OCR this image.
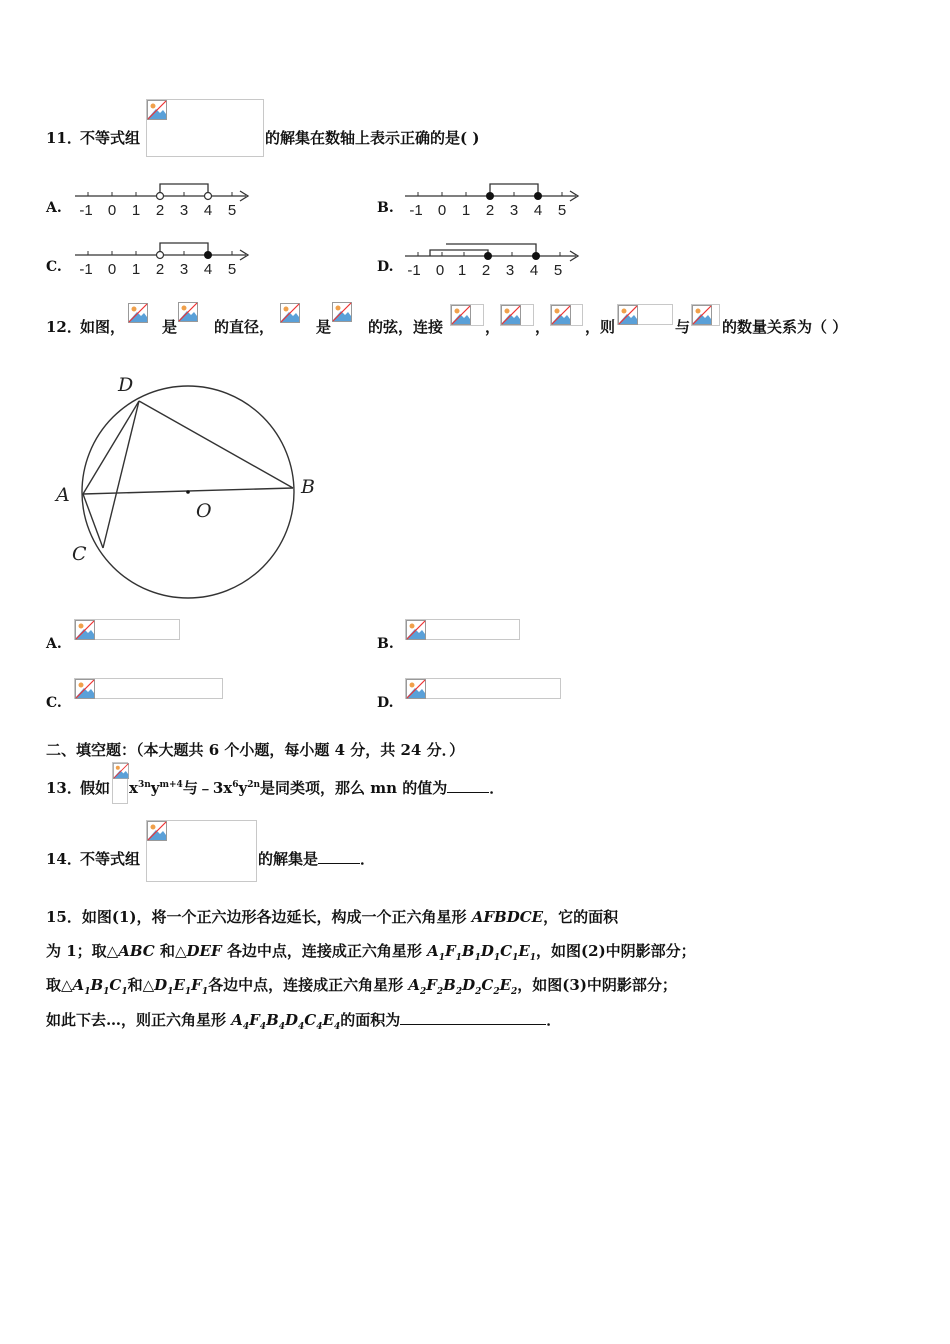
11．
不等式组	的解集在数轴上表示正确的是( )
A. -1 0 1 2 3 4 5	B. -1 0 1 2 3 4 5
C. -1 0 1 2 3 4 5	D. -1 0 1 2 3 4 5
12．
如图， 是 的直径，	是 的弦，连接	， ， ，则	与 的数量关系为（ ）
D
A	B
O
C
A.	B.
C.	D.
二、填空题：（本大题共 6 个小题，每小题 4 分，共 24 分．）
13．
假如 $x^{3n}y^{m+4}$与$﹣3x^6y^{2n}$是同类项，那么 mn 的值为	．
14．
不等式组	的解集是	．
15．如图(1)，将一个正六边形各边延长，构成一个正六角星形 AFBDCE，它的面积
为 1；取△ABC 和△DEF 各边中点，连接成正六角星形 $A_1F_1B_1D_1C_1E_1$，如图(2)中阴影部分；
取$\triangle A_1B_1C_1$和$\triangle D_1E_1F_1$各边中点，连接成正六角星形 $A_2F_2B_2D_2C_2E_2$，如图(3)中阴影部分；
如此下去…，则正六角星形 $A_4F_4B_4D_4C_4E_4$的面积为	．
